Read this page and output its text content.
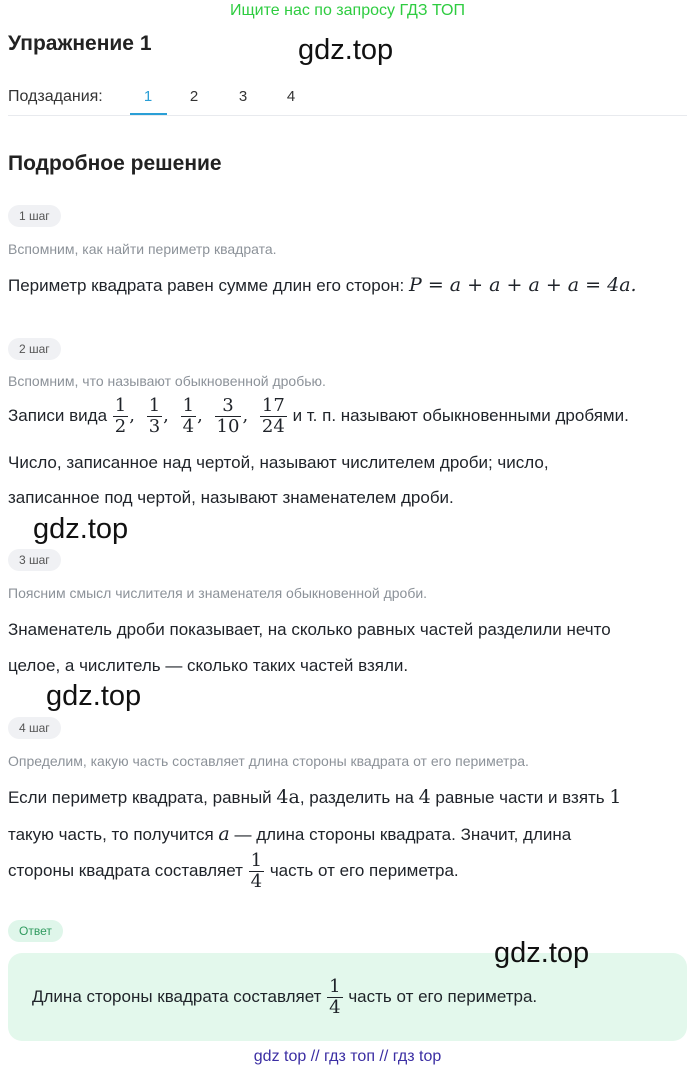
Ищите нас по запросу ГДЗ ТОП
Упражнение 1	gdz.top
Подзадания:	1	2	3	4
Подробное решение
1 шаг
Вспомним, как найти периметр квадрата.
Периметр квадрата равен сумме длин его сторон: P = a + a + a + a = 4a.
2 шаг
Вспомним, что называют обыкновенной дробью.
Записи вида $\frac{1}{2}$ , $\frac{1}{3}$ , $\frac{1}{4}$ , $\frac{3}{10}$ , $\frac{17}{24}$ и т. п. называют обыкновенными дробями.
Число, записанное над чертой, называют числителем дроби; число,
записанное под чертой, называют знаменателем дроби.
gdz.top
3 шаг
Поясним смысл числителя и знаменателя обыкновенной дроби.
Знаменатель дроби показывает, на сколько равных частей разделили нечто
целое, а числитель — сколько таких частей взяли.
gdz.top
4 шаг
Определим, какую часть составляет длина стороны квадрата от его периметра.
Если периметр квадрата, равный 4a, разделить на 4 равные части и взять 1
такую часть, то получится a — длина стороны квадрата. Значит, длина
стороны квадрата составляет $\frac{1}{4}$ часть от его периметра.
Ответ
Длина стороны квадрата составляет $\frac{1}{4}$ часть от его периметра.
gdz.top
gdz top // гдз топ // гдз top
